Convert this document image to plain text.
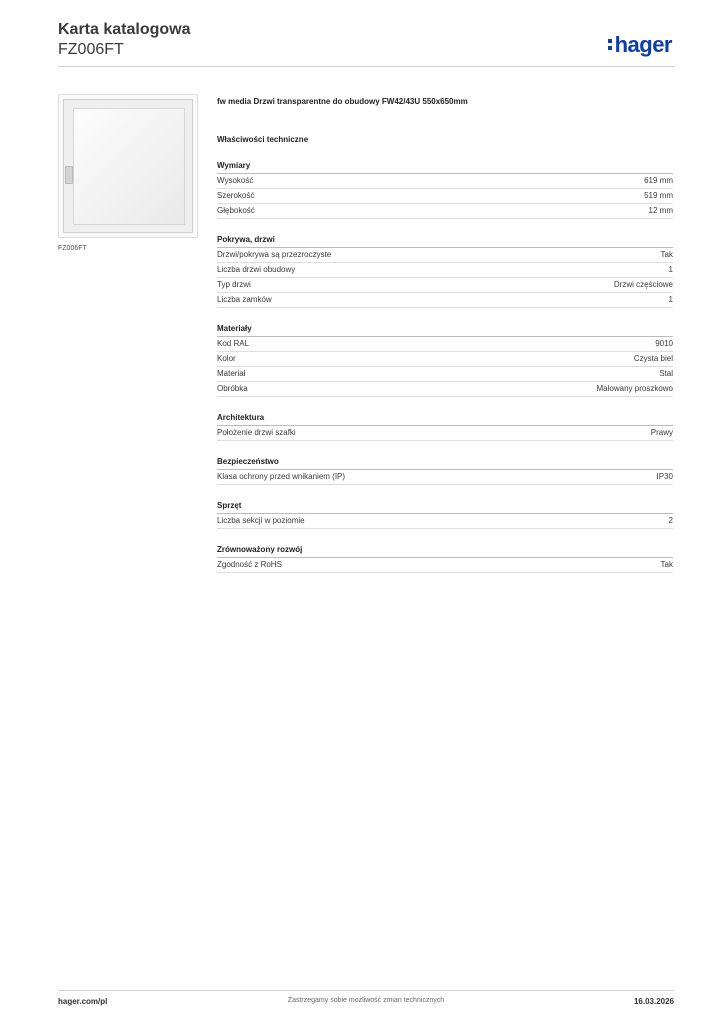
Karta katalogowa
FZ006FT	hager
FZ006FT
fw media Drzwi transparentne do obudowy FW42/43U 550x650mm
Właściwości techniczne
Wymiary
Wysokość	619 mm
Szerokość	519 mm
Głębokość	12 mm
Pokrywa, drzwi
Drzwi/pokrywa są przezroczyste	Tak
Liczba drzwi obudowy	1
Typ drzwi	Drzwi częściowe
Liczba zamków	1
Materiały
Kod RAL	9010
Kolor	Czysta biel
Materiał	Stal
Obróbka	Malowany proszkowo
Architektura
Położenie drzwi szafki	Prawy
Bezpieczeństwo
Klasa ochrony przed wnikaniem (IP)	IP30
Sprzęt
Liczba sekcji w poziomie	2
Zrównoważony rozwój
Zgodność z RoHS	Tak
hager.com/pl	Zastrzegamy sobie możliwość zmian technicznych	16.03.2026
